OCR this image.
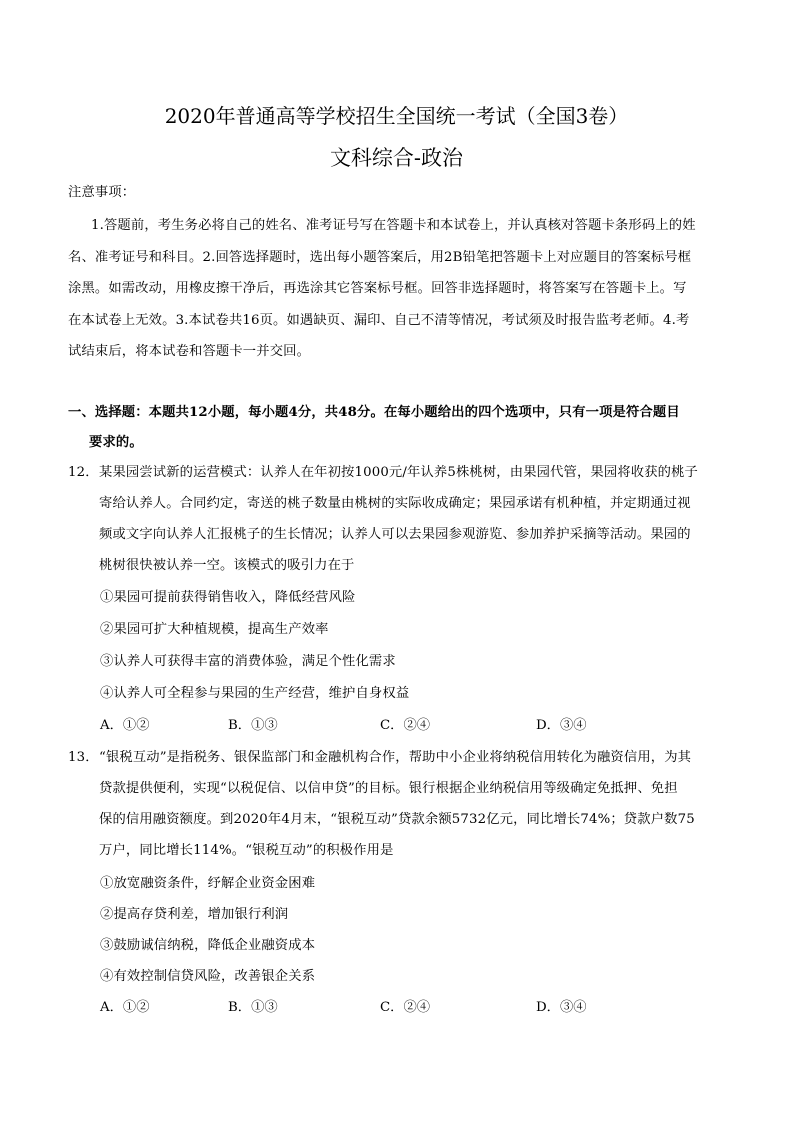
2020年普通高等学校招生全国统一考试（全国3卷）
文科综合-政治
注意事项：
1.答题前，考生务必将自己的姓名、准考证号写在答题卡和本试卷上，并认真核对答题卡条形码上的姓
名、准考证号和科目。2.回答选择题时，选出每小题答案后，用2B铅笔把答题卡上对应题目的答案标号框
涂黑。如需改动，用橡皮擦干净后，再选涂其它答案标号框。回答非选择题时，将答案写在答题卡上。写
在本试卷上无效。3.本试卷共16页。如遇缺页、漏印、自己不清等情况，考试须及时报告监考老师。4.考
试结束后，将本试卷和答题卡一并交回。
一、选择题：本题共12小题，每小题4分，共48分。在每小题给出的四个选项中，只有一项是符合题目
要求的。
12． 某果园尝试新的运营模式：认养人在年初按1000元/年认养5株桃树，由果园代管，果园将收获的桃子
寄给认养人。合同约定，寄送的桃子数量由桃树的实际收成确定；果园承诺有机种植，并定期通过视
频或文字向认养人汇报桃子的生长情况；认养人可以去果园参观游览、参加养护采摘等活动。果园的
桃树很快被认养一空。该模式的吸引力在于
①果园可提前获得销售收入，降低经营风险
②果园可扩大种植规模，提高生产效率
③认养人可获得丰富的消费体验，满足个性化需求
④认养人可全程参与果园的生产经营，维护自身权益
A．①②	B．①③	C．②④	D．③④
13． “银税互动”是指税务、银保监部门和金融机构合作，帮助中小企业将纳税信用转化为融资信用，为其
贷款提供便利，实现“以税促信、以信申贷”的目标。银行根据企业纳税信用等级确定免抵押、免担
保的信用融资额度。到2020年4月末，“银税互动”贷款余额5732亿元，同比增长74%；贷款户数75
万户，同比增长114%。“银税互动”的积极作用是
①放宽融资条件，纾解企业资金困难
②提高存贷利差，增加银行利润
③鼓励诚信纳税，降低企业融资成本
④有效控制信贷风险，改善银企关系
A．①②	B．①③	C．②④	D．③④
